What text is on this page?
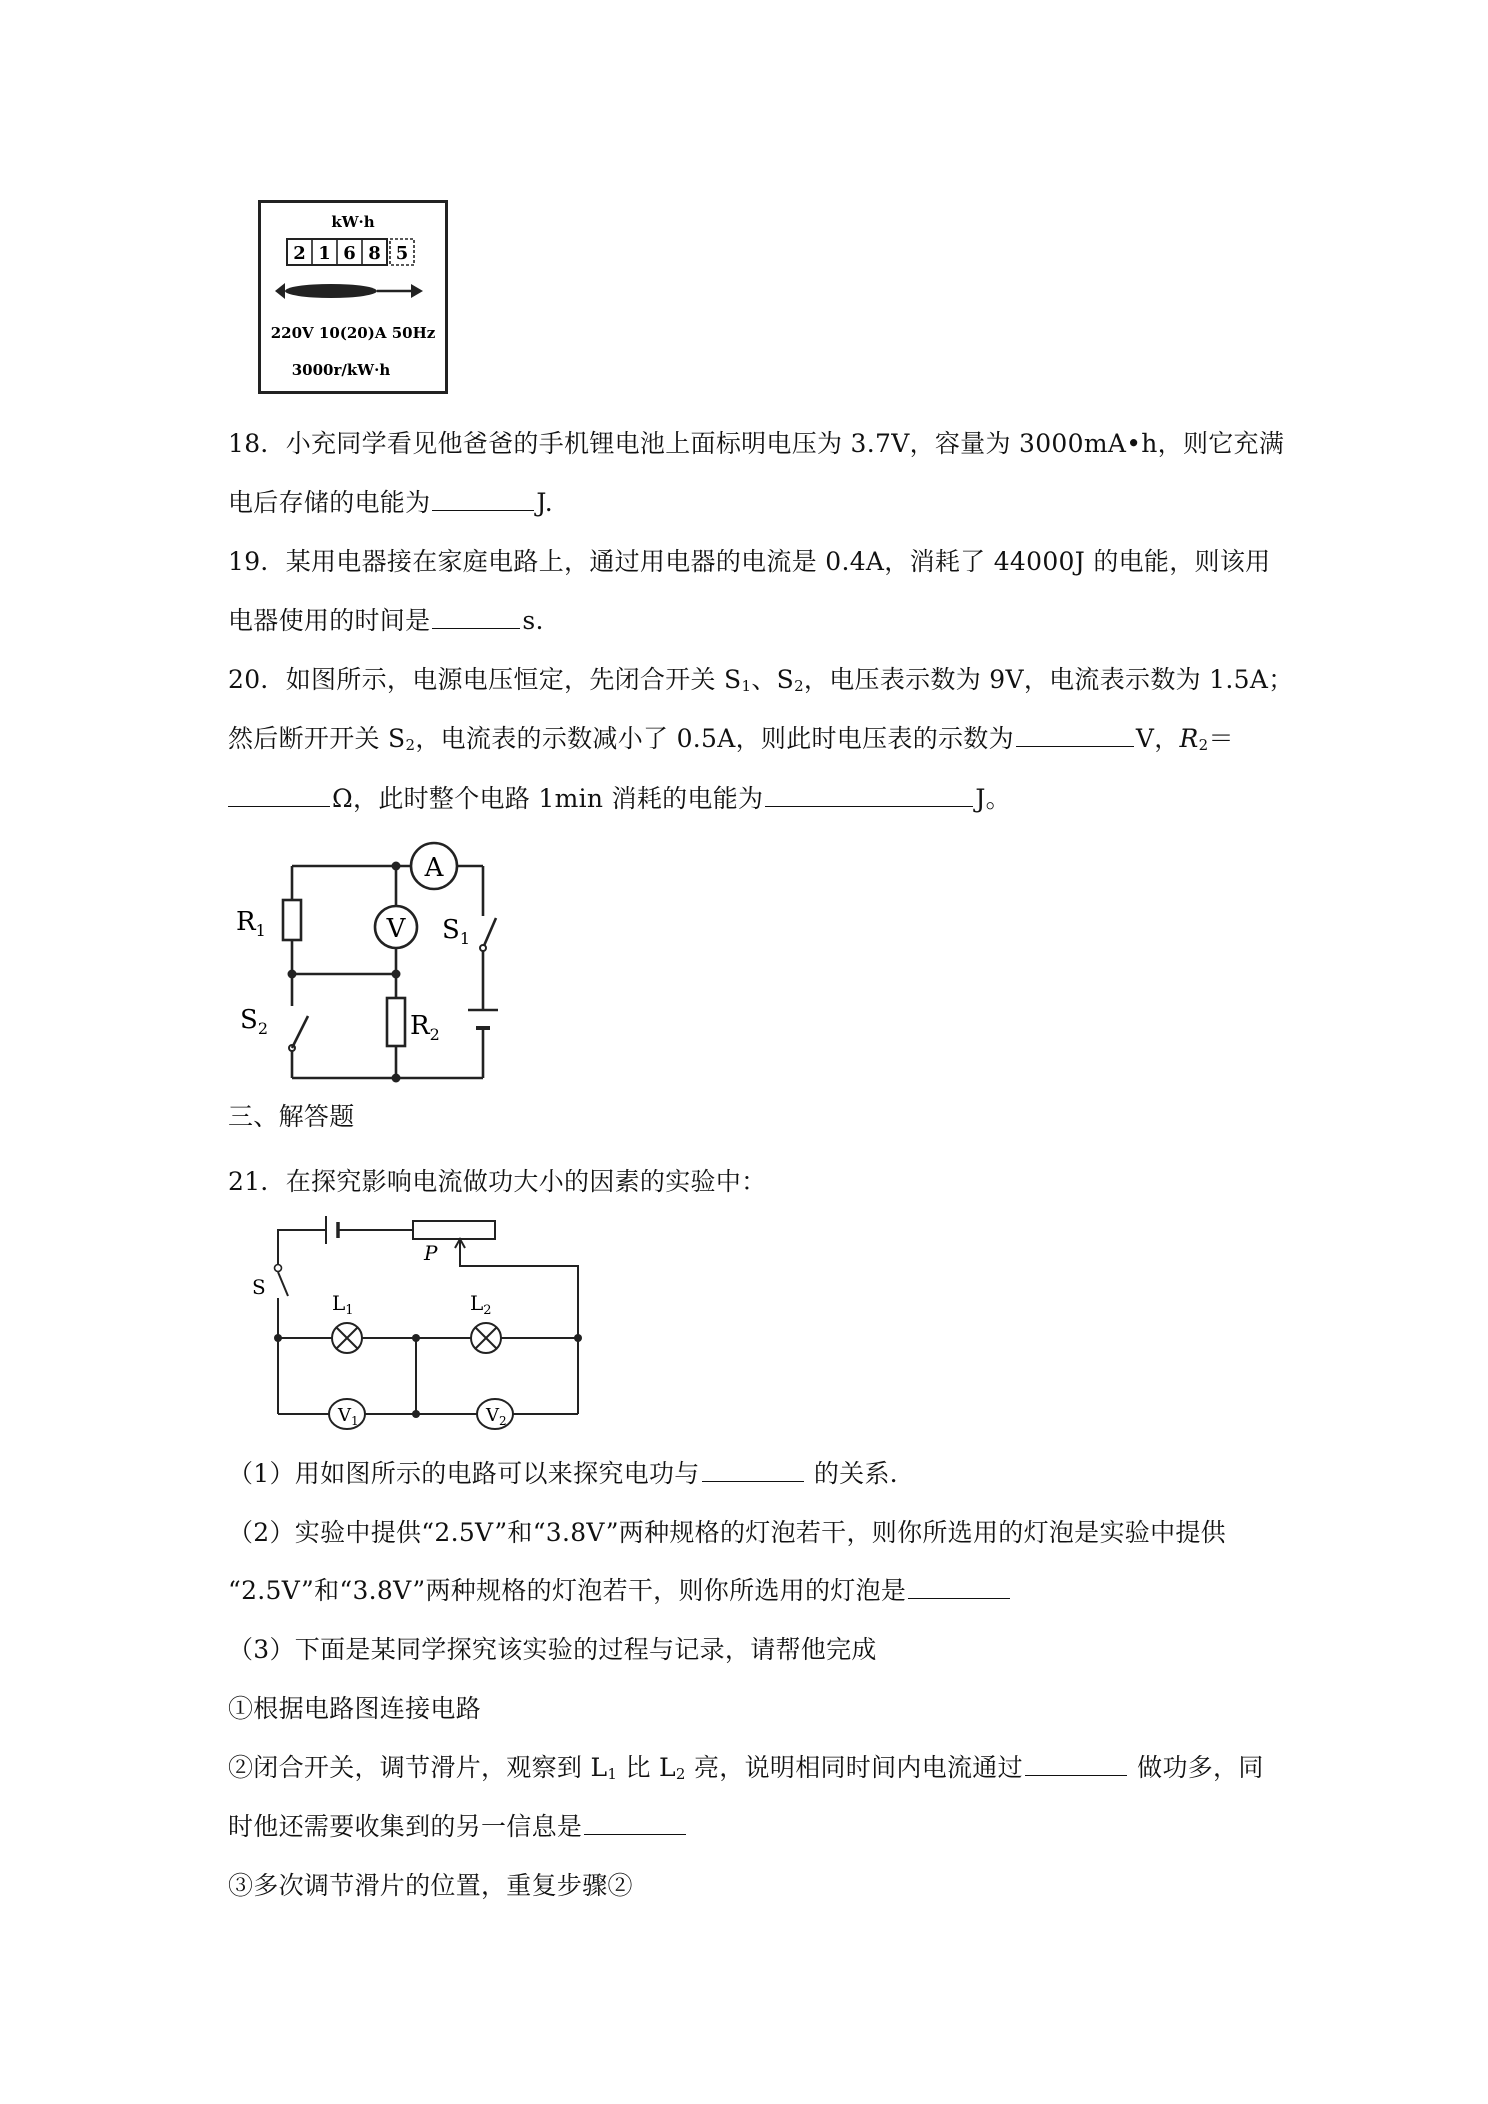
kW·h
2 1 6 8 5
220V 10(20)A 50Hz
3000r/kW·h
18．小充同学看见他爸爸的手机锂电池上面标明电压为 3.7V，容量为 3000mA•h，则它充满
电后存储的电能为	J.
19．某用电器接在家庭电路上，通过用电器的电流是 0.4A，消耗了 44000J 的电能，则该用
电器使用的时间是	s.
20．如图所示，电源电压恒定，先闭合开关 $S_1$、$S_2$，电压表示数为 9V，电流表示数为 1.5A；
然后断开开关 $S_2$，电流表的示数减小了 0.5A，则此时电压表的示数为	V，$R_2=$
Ω，此时整个电路 1min 消耗的电能为	J。
A
V
$R_1$
$R_2$
$S_1$
$S_2$
三、解答题
21．在探究影响电流做功大小的因素的实验中：
P
S
$L_1$	$L_2$
$V_1$	$V_2$
（1）用如图所示的电路可以来探究电功与	的关系．
（2）实验中提供“2.5V”和“3.8V”两种规格的灯泡若干，则你所选用的灯泡是实验中提供
“2.5V”和“3.8V”两种规格的灯泡若干，则你所选用的灯泡是
（3）下面是某同学探究该实验的过程与记录，请帮他完成
①根据电路图连接电路
②闭合开关，调节滑片，观察到 $L_1$ 比 $L_2$ 亮，说明相同时间内电流通过	做功多，同
时他还需要收集到的另一信息是
③多次调节滑片的位置，重复步骤②
